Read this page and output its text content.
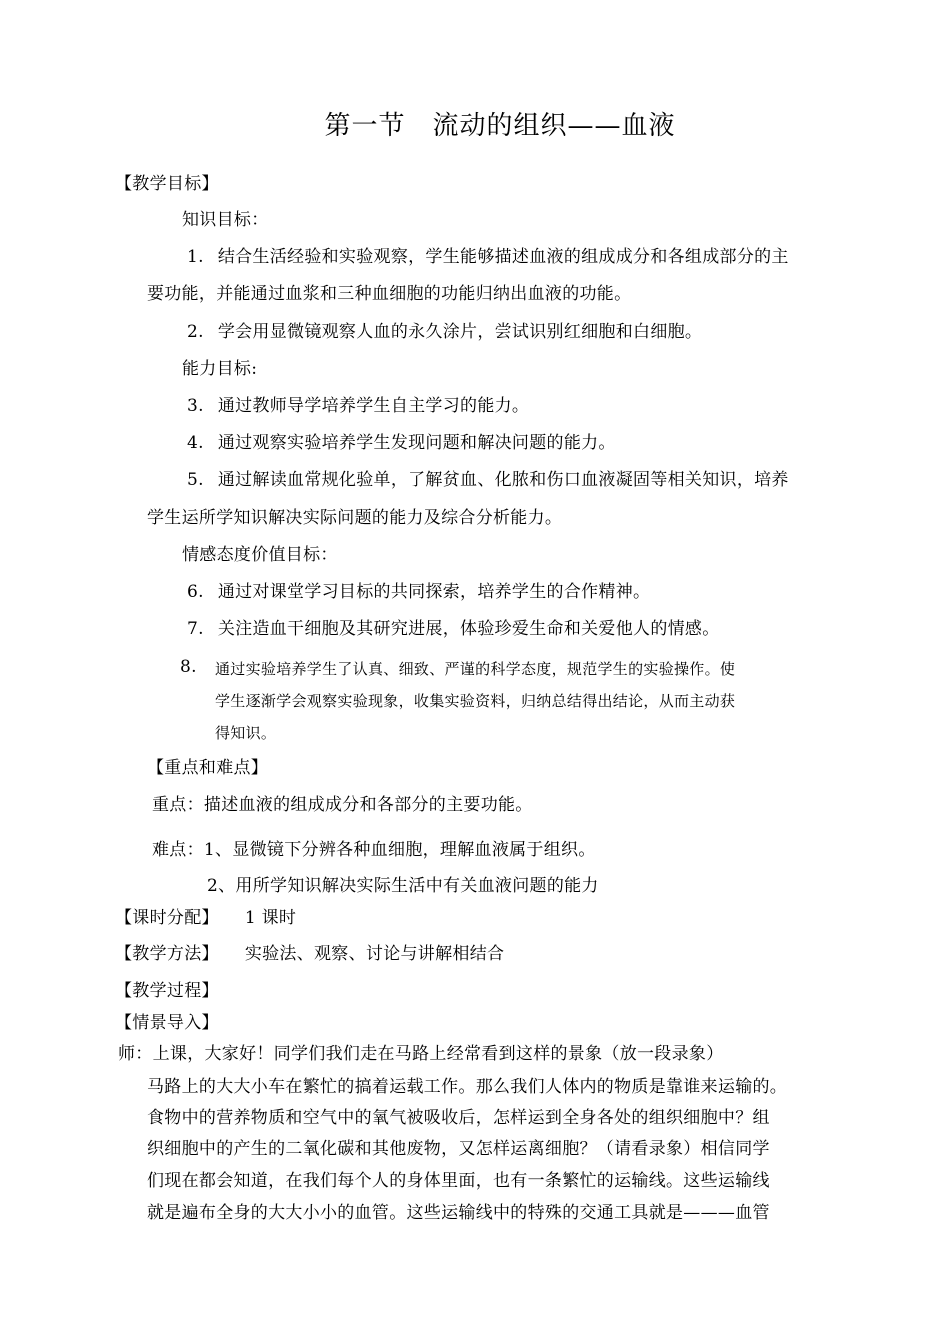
第一节　流动的组织——血液
【教学目标】
知识目标：
1. 结合生活经验和实验观察，学生能够描述血液的组成成分和各组成部分的主
要功能，并能通过血浆和三种血细胞的功能归纳出血液的功能。
2. 学会用显微镜观察人血的永久涂片，尝试识别红细胞和白细胞。
能力目标:
3. 通过教师导学培养学生自主学习的能力。
4. 通过观察实验培养学生发现问题和解决问题的能力。
5. 通过解读血常规化验单，了解贫血、化脓和伤口血液凝固等相关知识，培养
学生运所学知识解决实际问题的能力及综合分析能力。
情感态度价值目标：
6. 通过对课堂学习目标的共同探索，培养学生的合作精神。
7. 关注造血干细胞及其研究进展，体验珍爱生命和关爱他人的情感。
8. 通过实验培养学生了认真、细致、严谨的科学态度，规范学生的实验操作。使
学生逐渐学会观察实验现象，收集实验资料，归纳总结得出结论，从而主动获
得知识。
【重点和难点】
重点：描述血液的组成成分和各部分的主要功能。
难点：1、显微镜下分辨各种血细胞，理解血液属于组织。
2、用所学知识解决实际生活中有关血液问题的能力
【课时分配】 1 课时
【教学方法】 实验法、观察、讨论与讲解相结合
【教学过程】
【情景导入】
师：上课，大家好！同学们我们走在马路上经常看到这样的景象（放一段录象）
马路上的大大小车在繁忙的搞着运载工作。那么我们人体内的物质是靠谁来运输的。
食物中的营养物质和空气中的氧气被吸收后，怎样运到全身各处的组织细胞中？组
织细胞中的产生的二氧化碳和其他废物，又怎样运离细胞？（请看录象）相信同学
们现在都会知道，在我们每个人的身体里面，也有一条繁忙的运输线。这些运输线
就是遍布全身的大大小小的血管。这些运输线中的特殊的交通工具就是———血管
